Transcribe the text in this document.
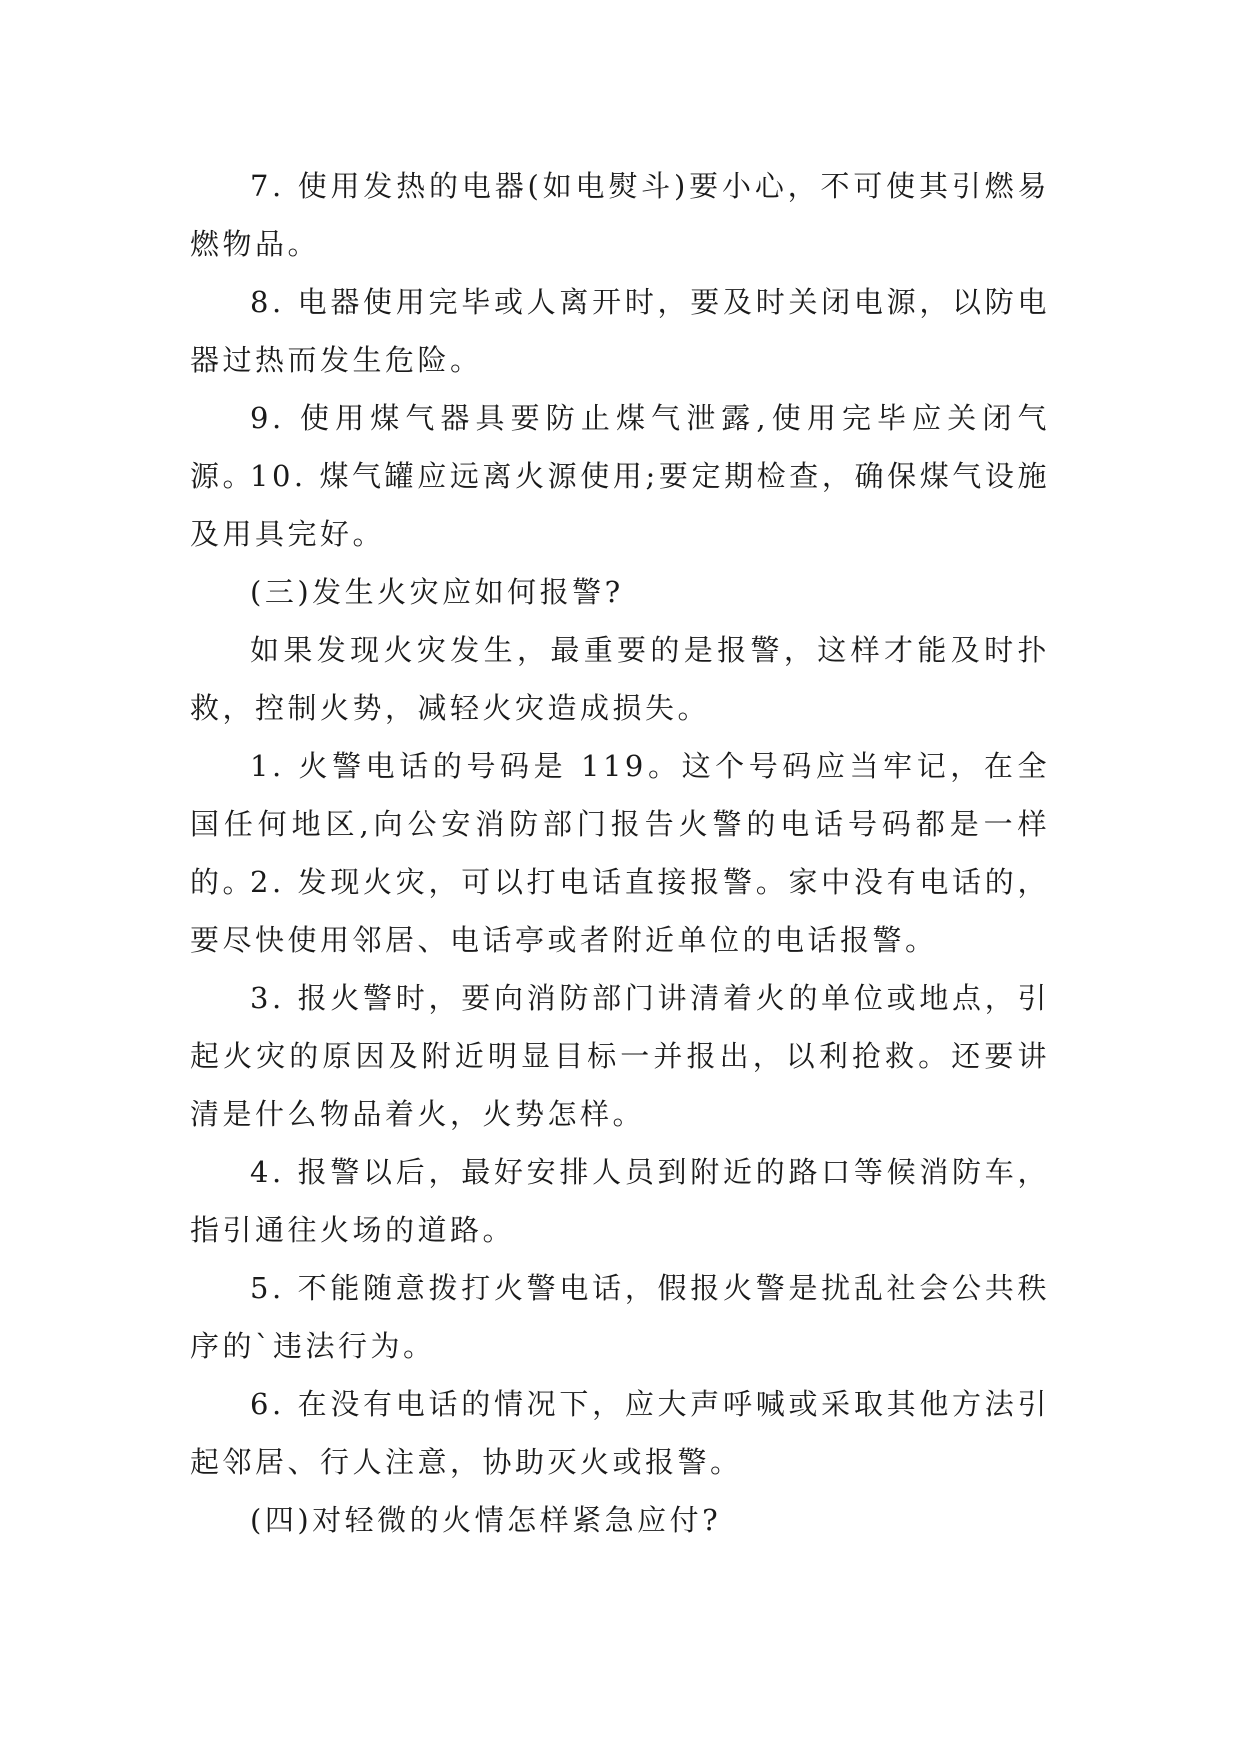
7. 使用发热的电器(如电熨斗)要小心，不可使其引燃易燃物品。

8. 电器使用完毕或人离开时，要及时关闭电源，以防电器过热而发生危险。

9. 使用煤气器具要防止煤气泄露,使用完毕应关闭气源。

10. 煤气罐应远离火源使用;要定期检查，确保煤气设施及用具完好。

(三)发生火灾应如何报警?

如果发现火灾发生，最重要的是报警，这样才能及时扑救，控制火势，减轻火灾造成损失。

1. 火警电话的号码是 119。这个号码应当牢记，在全国任何地区,向公安消防部门报告火警的电话号码都是一样的。

2. 发现火灾，可以打电话直接报警。家中没有电话的，要尽快使用邻居、电话亭或者附近单位的电话报警。

3. 报火警时，要向消防部门讲清着火的单位或地点，引起火灾的原因及附近明显目标一并报出，以利抢救。还要讲清是什么物品着火，火势怎样。

4. 报警以后，最好安排人员到附近的路口等候消防车，指引通往火场的道路。

5. 不能随意拨打火警电话，假报火警是扰乱社会公共秩序的`违法行为。

6. 在没有电话的情况下，应大声呼喊或采取其他方法引起邻居、行人注意，协助灭火或报警。

(四)对轻微的火情怎样紧急应付?
